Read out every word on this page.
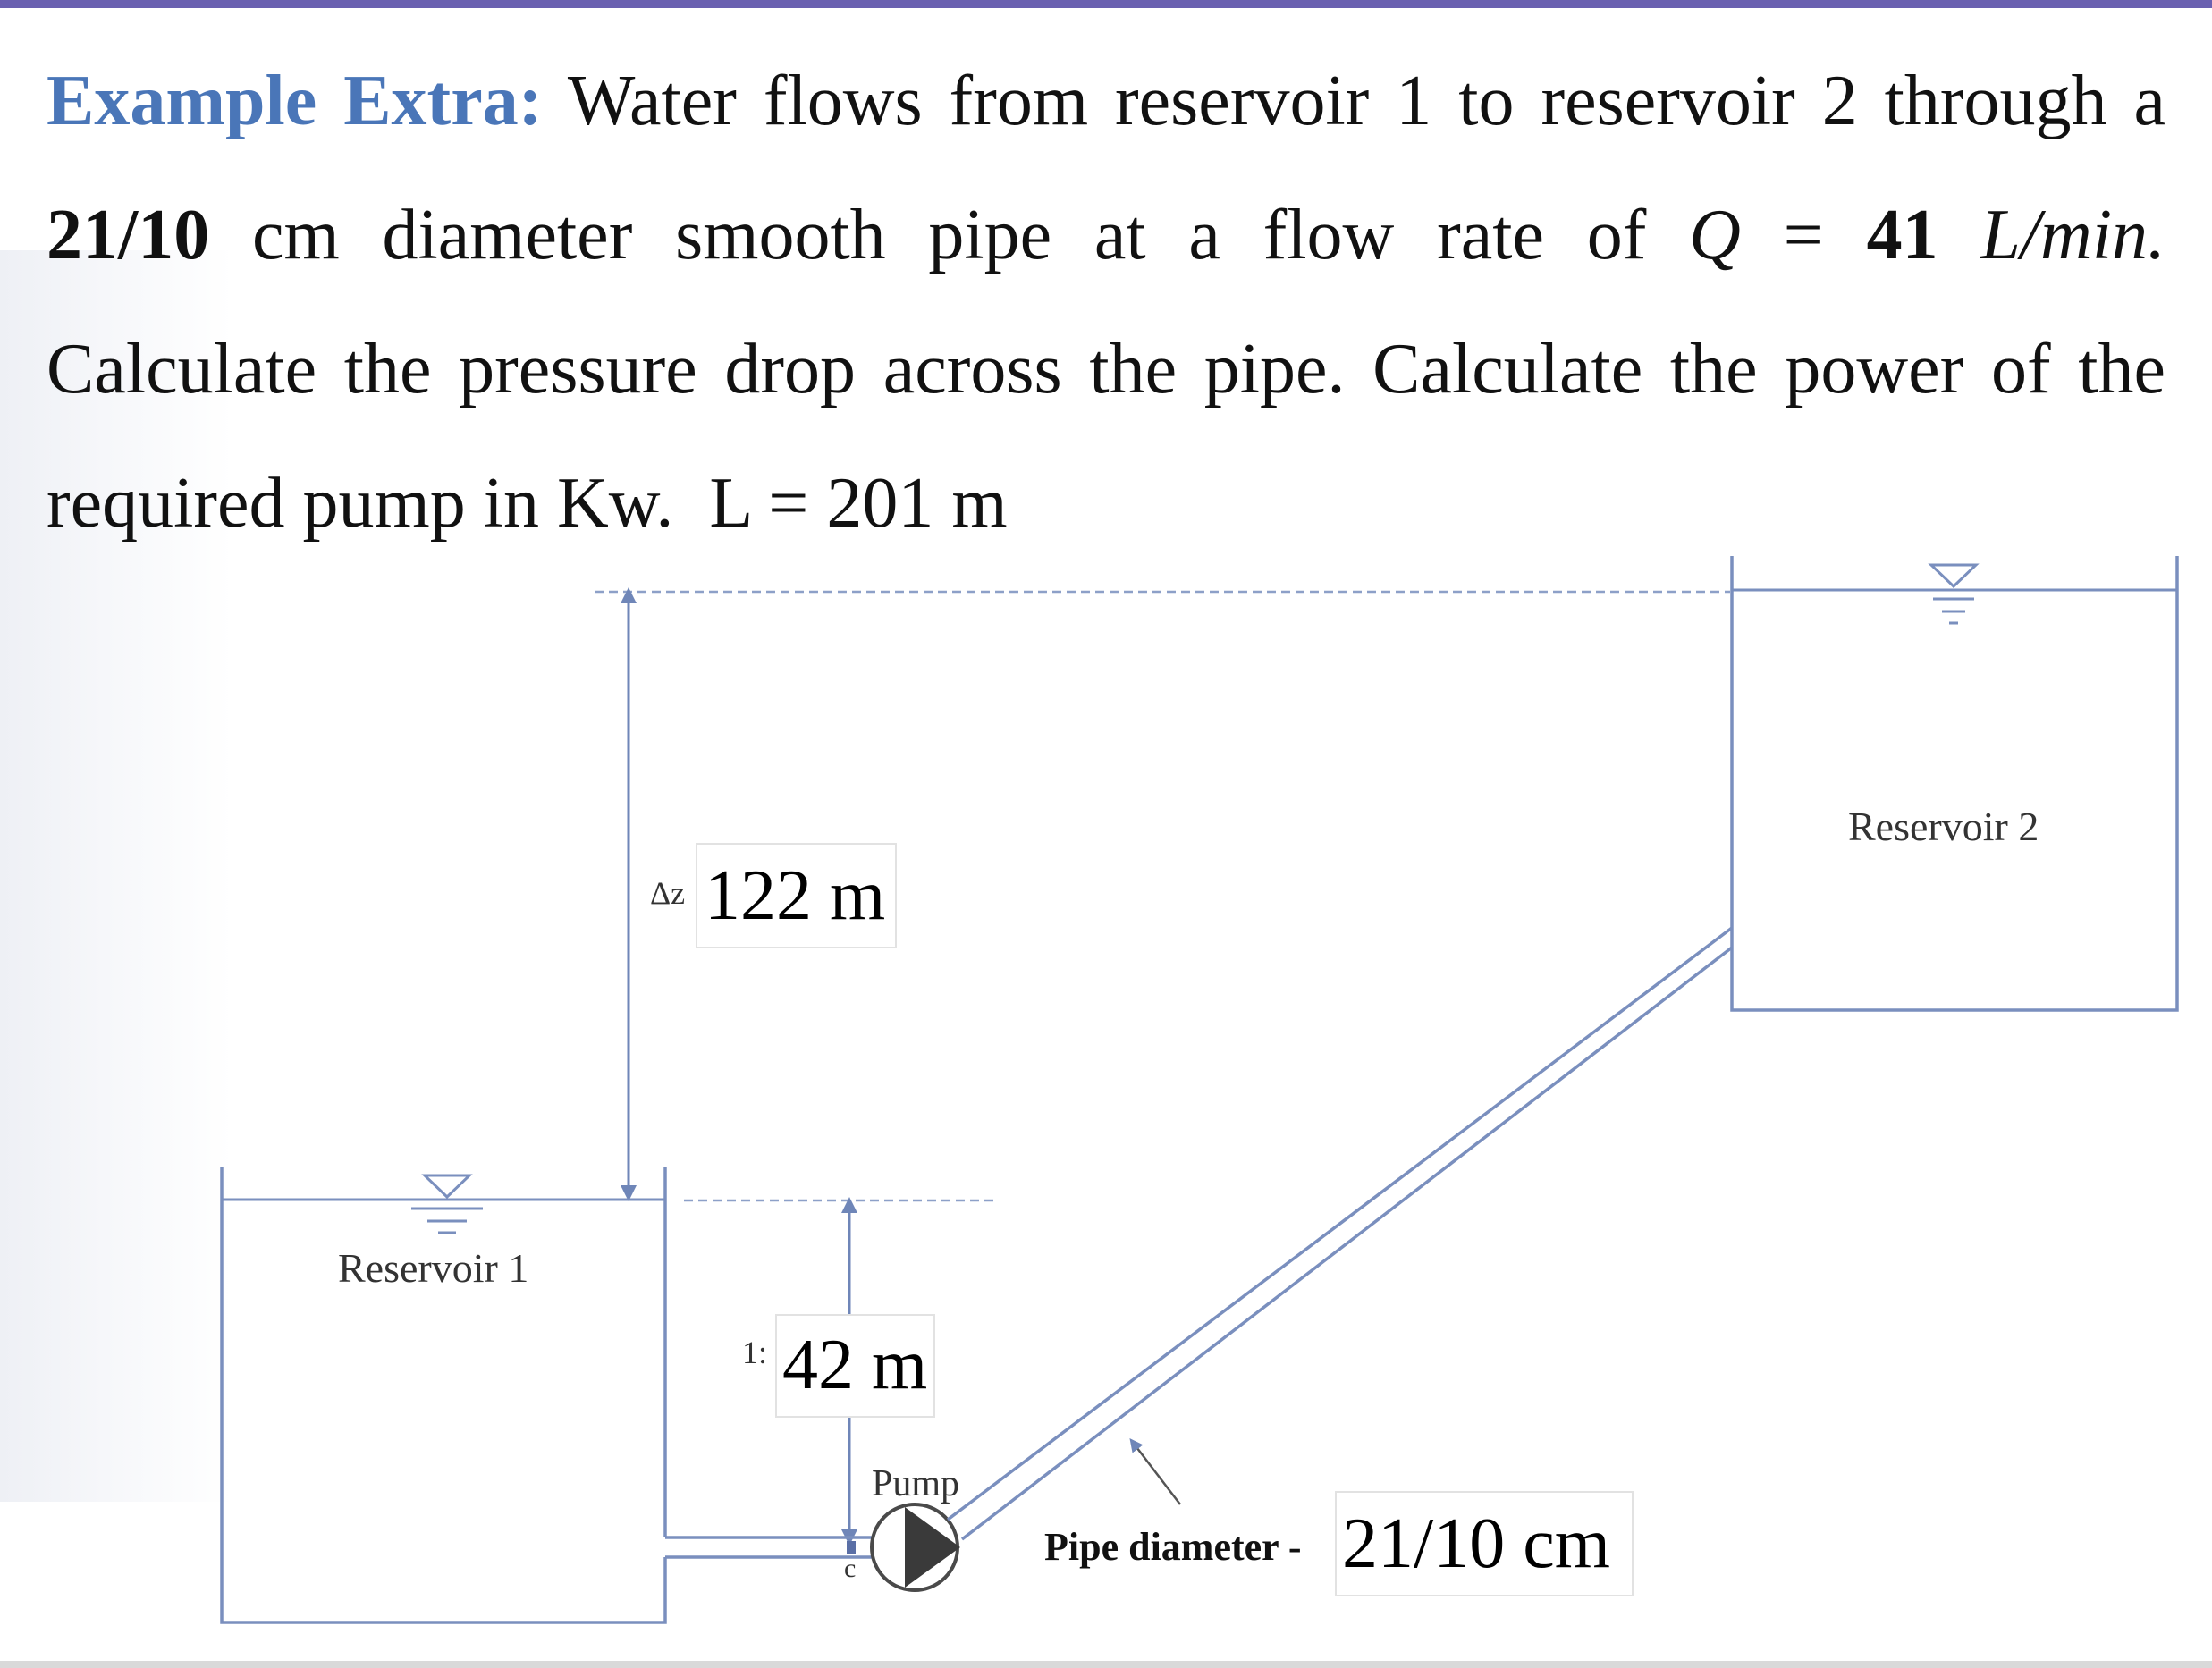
Example Extra: Water flows from reservoir 1 to reservoir 2 through a
21/10 cm diameter smooth pipe at a flow rate of Q = 41 L/min.
Calculate the pressure drop across the pipe. Calculate the power of the
required pump in Kw. L = 201 m
Reservoir 2
Reservoir 1
Δz 122 m
1: 42 m
Pump
c	Pipe diameter - 21/10 cm
